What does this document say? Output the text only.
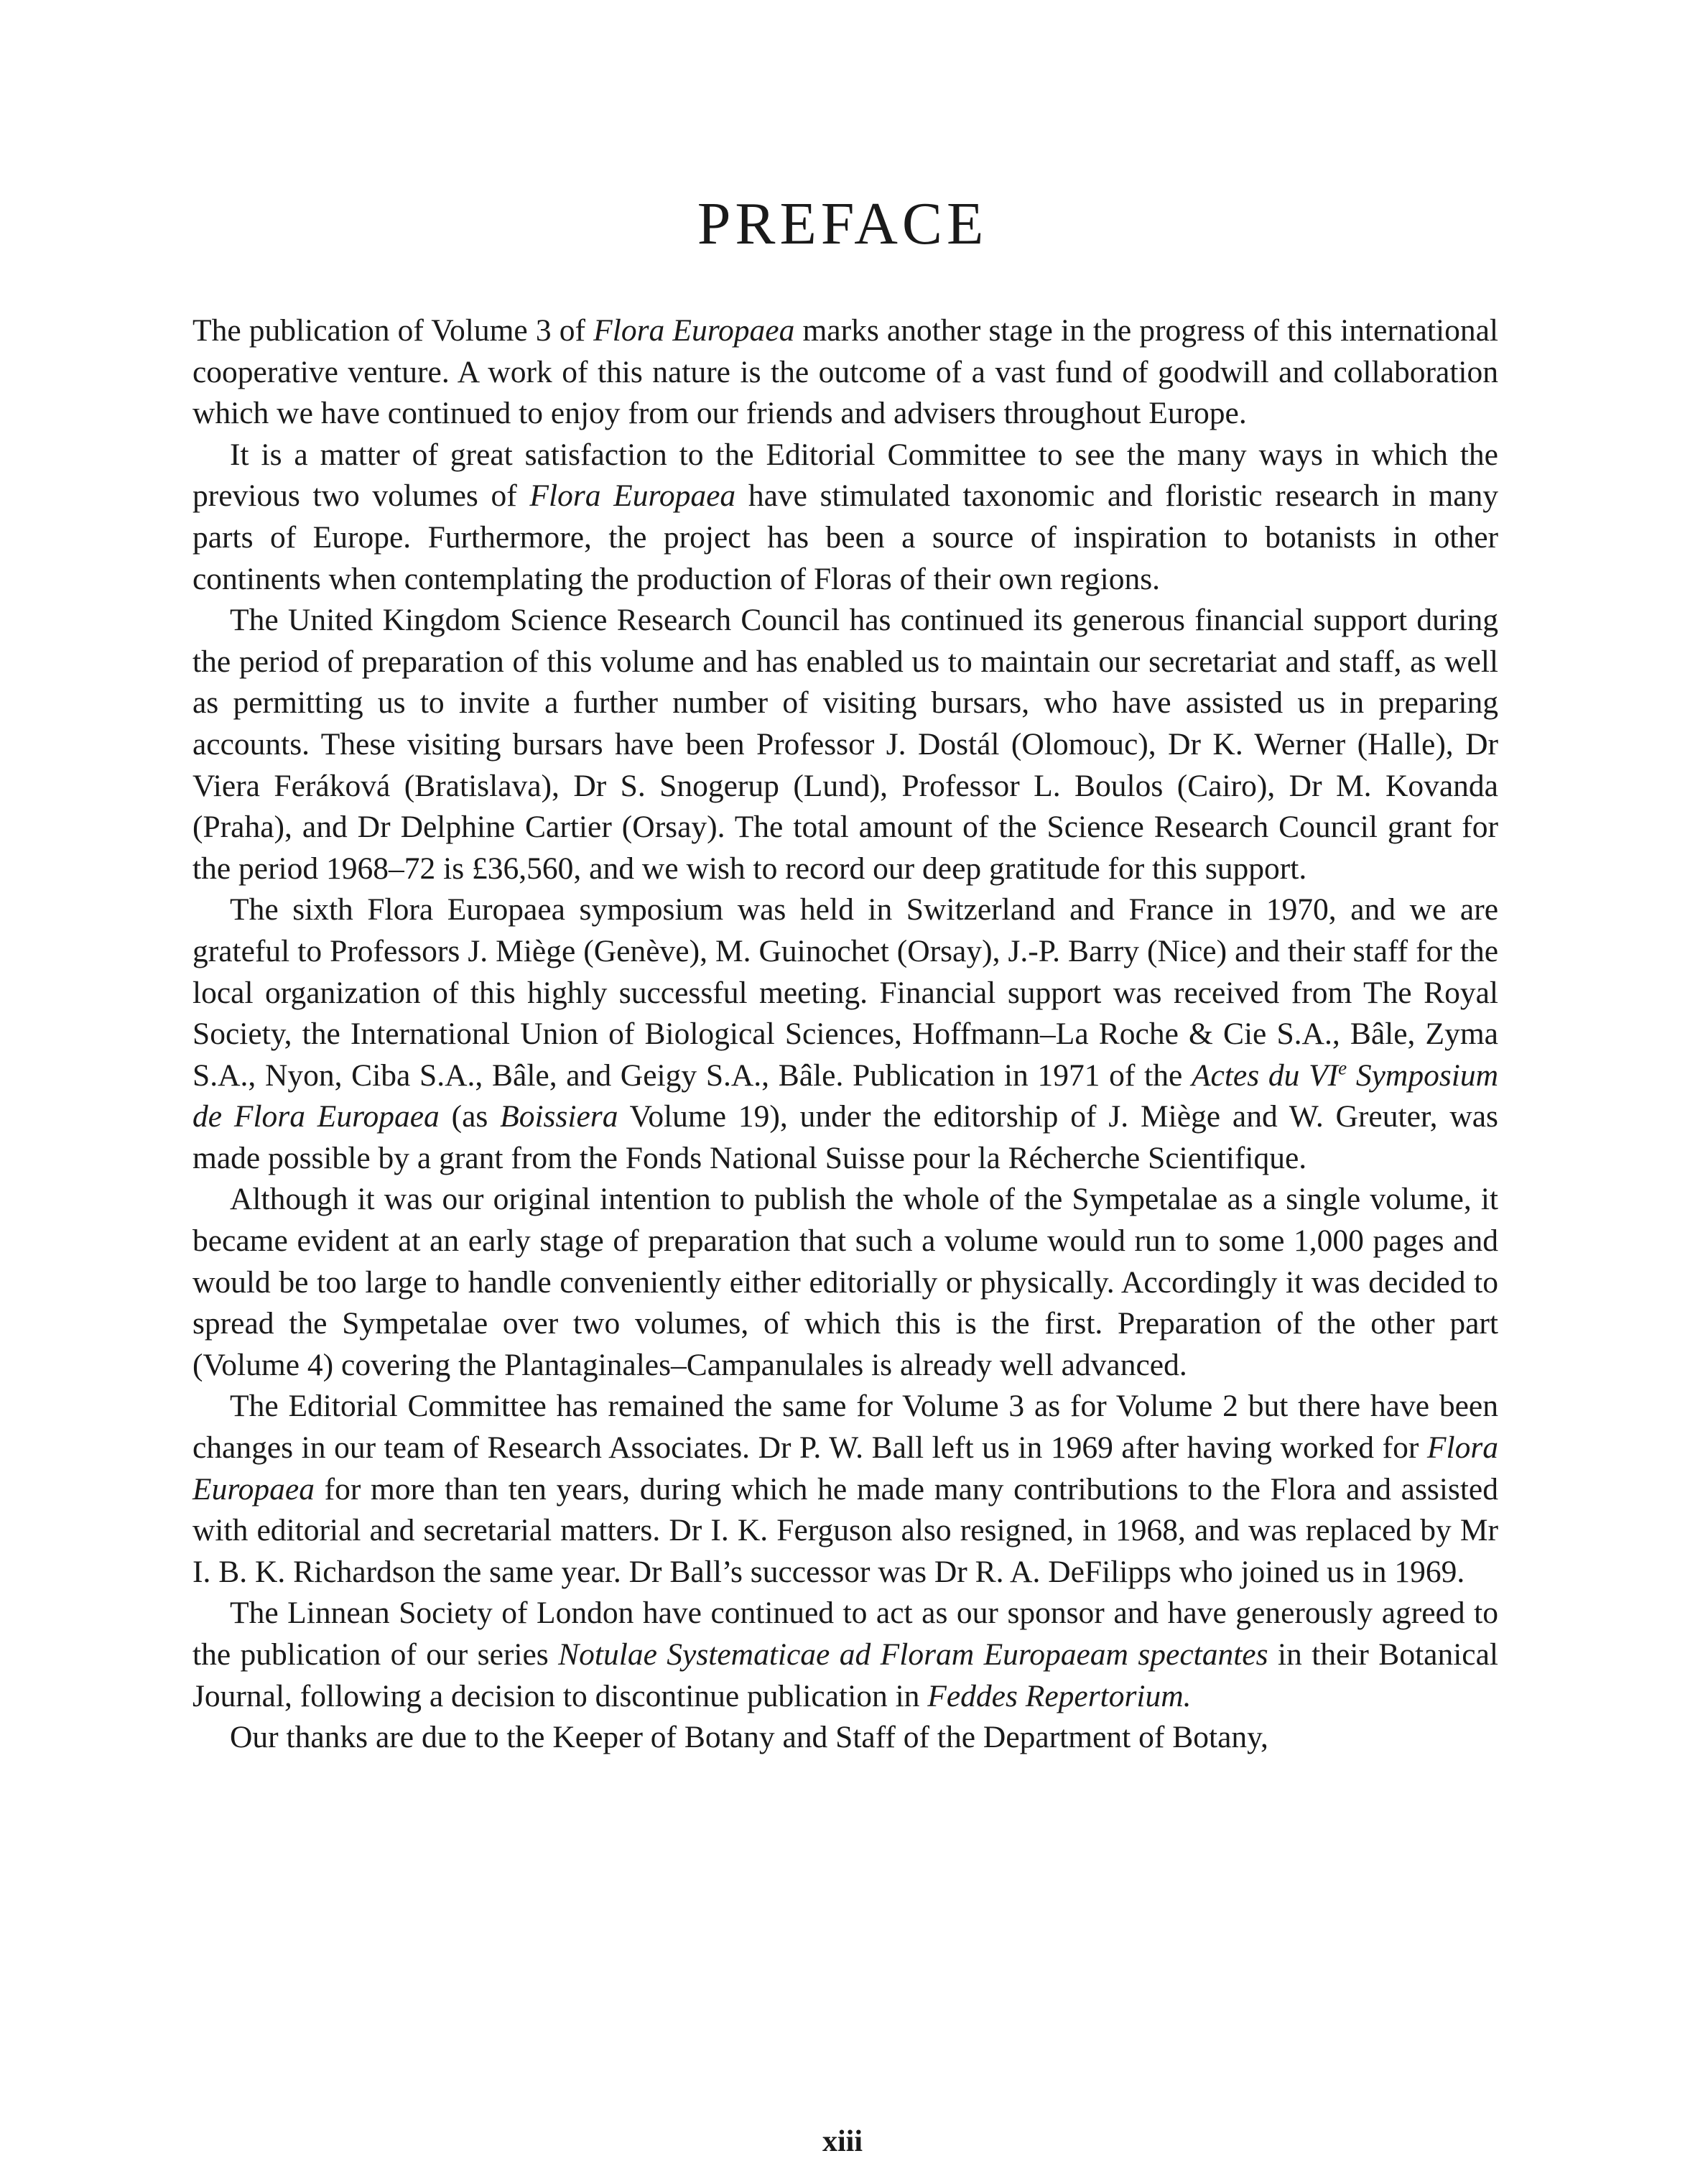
PREFACE

The publication of Volume 3 of Flora Europaea marks another stage in the progress of this international cooperative venture. A work of this nature is the outcome of a vast fund of goodwill and collaboration which we have continued to enjoy from our friends and advisers throughout Europe.

It is a matter of great satisfaction to the Editorial Committee to see the many ways in which the previous two volumes of Flora Europaea have stimulated taxonomic and floristic research in many parts of Europe. Furthermore, the project has been a source of inspiration to botanists in other continents when contemplating the production of Floras of their own regions.

The United Kingdom Science Research Council has continued its generous financial support during the period of preparation of this volume and has enabled us to maintain our secretariat and staff, as well as permitting us to invite a further number of visiting bursars, who have assisted us in preparing accounts. These visiting bursars have been Professor J. Dostál (Olomouc), Dr K. Werner (Halle), Dr Viera Feráková (Bratislava), Dr S. Snogerup (Lund), Professor L. Boulos (Cairo), Dr M. Kovanda (Praha), and Dr Delphine Cartier (Orsay). The total amount of the Science Research Council grant for the period 1968–72 is £36,560, and we wish to record our deep gratitude for this support.

The sixth Flora Europaea symposium was held in Switzerland and France in 1970, and we are grateful to Professors J. Miège (Genève), M. Guinochet (Orsay), J.-P. Barry (Nice) and their staff for the local organization of this highly successful meeting. Financial support was received from The Royal Society, the International Union of Biological Sciences, Hoffmann–La Roche & Cie S.A., Bâle, Zyma S.A., Nyon, Ciba S.A., Bâle, and Geigy S.A., Bâle. Publication in 1971 of the Actes du VIe Symposium de Flora Europaea (as Boissiera Volume 19), under the editorship of J. Miège and W. Greuter, was made possible by a grant from the Fonds National Suisse pour la Récherche Scientifique.

Although it was our original intention to publish the whole of the Sympetalae as a single volume, it became evident at an early stage of preparation that such a volume would run to some 1,000 pages and would be too large to handle conveniently either editorially or physically. Accordingly it was decided to spread the Sympetalae over two volumes, of which this is the first. Preparation of the other part (Volume 4) covering the Plantaginales–Campanulales is already well advanced.

The Editorial Committee has remained the same for Volume 3 as for Volume 2 but there have been changes in our team of Research Associates. Dr P. W. Ball left us in 1969 after having worked for Flora Europaea for more than ten years, during which he made many contributions to the Flora and assisted with editorial and secretarial matters. Dr I. K. Ferguson also resigned, in 1968, and was replaced by Mr I. B. K. Richardson the same year. Dr Ball’s successor was Dr R. A. DeFilipps who joined us in 1969.

The Linnean Society of London have continued to act as our sponsor and have generously agreed to the publication of our series Notulae Systematicae ad Floram Europaeam spectantes in their Botanical Journal, following a decision to discontinue publication in Feddes Repertorium.

Our thanks are due to the Keeper of Botany and Staff of the Department of Botany,

xiii
